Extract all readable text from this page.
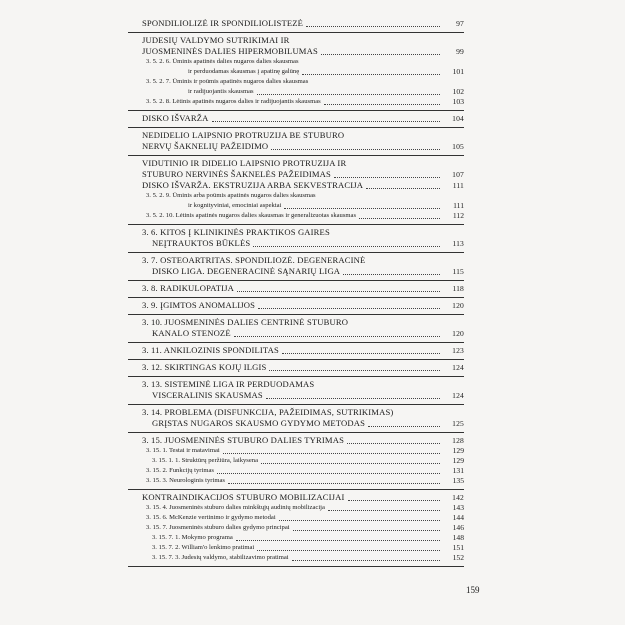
SPONDILIOLIZĖ IR SPONDILIOLISTEZĖ	97
JUDESIŲ VALDYMO SUTRIKIMAI IR
JUOSMENINĖS DALIES HIPERMOBILUMAS	99
3. 5. 2. 6. Ūminis apatinės dalies nugaros dalies skausmas
ir perduodamas skausmas į apatinę galūnę	101
3. 5. 2. 7. Ūminis ir poūmis apatinės nugaros dalies skausmas
ir radijuojantis skausmas	102
3. 5. 2. 8. Lėtinis apatinės nugaros dalies ir radijuojantis skausmas	103
DISKO IŠVARŽA	104
NEDIDELIO LAIPSNIO PROTRUZIJA BE STUBURO
NERVŲ ŠAKNELIŲ PAŽEIDIMO	105
VIDUTINIO IR DIDELIO LAIPSNIO PROTRUZIJA IR
STUBURO NERVINĖS ŠAKNELĖS PAŽEIDIMAS	107
DISKO IŠVARŽA. EKSTRUZIJA ARBA SEKVESTRACIJA	111
3. 5. 2. 9. Ūminis arba poūmis apatinės nugaros dalies skausmas
ir kognityviniai, emociniai aspektai	111
3. 5. 2. 10. Lėtinis apatinės nugaros dalies skausmas ir generalizuotas skausmas	112
3. 6. KITOS Į KLINIKINĖS PRAKTIKOS GAIRES
NEĮTRAUKTOS BŪKLĖS	113
3. 7. OSTEOARTRITAS. SPONDILIOZĖ. DEGENERACINĖ
DISKO LIGA. DEGENERACINĖ SĄNARIŲ LIGA	115
3. 8. RADIKULOPATIJA	118
3. 9. ĮGIMTOS ANOMALIJOS	120
3. 10. JUOSMENINĖS DALIES CENTRINĖ STUBURO
KANALO STENOZĖ	120
3. 11. ANKILOZINIS SPONDILITAS	123
3. 12. SKIRTINGAS KOJŲ ILGIS	124
3. 13. SISTEMINĖ LIGA IR PERDUODAMAS
VISCERALINIS SKAUSMAS	124
3. 14. PROBLEMA (DISFUNKCIJA, PAŽEIDIMAS, SUTRIKIMAS)
GRĮSTAS NUGAROS SKAUSMO GYDYMO METODAS	125
3. 15. JUOSMENINĖS STUBURO DALIES TYRIMAS	128
3. 15. 1. Testai ir matavimai	129
3. 15. 1. 1. Struktūrų peržiūra, laikysena	129
3. 15. 2. Funkcijų tyrimas	131
3. 15. 3. Neurologinis tyrimas	135
KONTRAINDIKACIJOS STUBURO MOBILIZACIJAI	142
3. 15. 4. Juosmeninės stuburo dalies minkštųjų audinių mobilizacija	143
3. 15. 6. McKenzie vertinimo ir gydymo metodai	144
3. 15. 7. Juosmeninės stuburo dalies gydymo principai	146
3. 15. 7. 1. Mokymo programa	148
3. 15. 7. 2. William'o lenkimo pratimai	151
3. 15. 7. 3. Judesių valdymo, stabilizavimo pratimai	152
159
